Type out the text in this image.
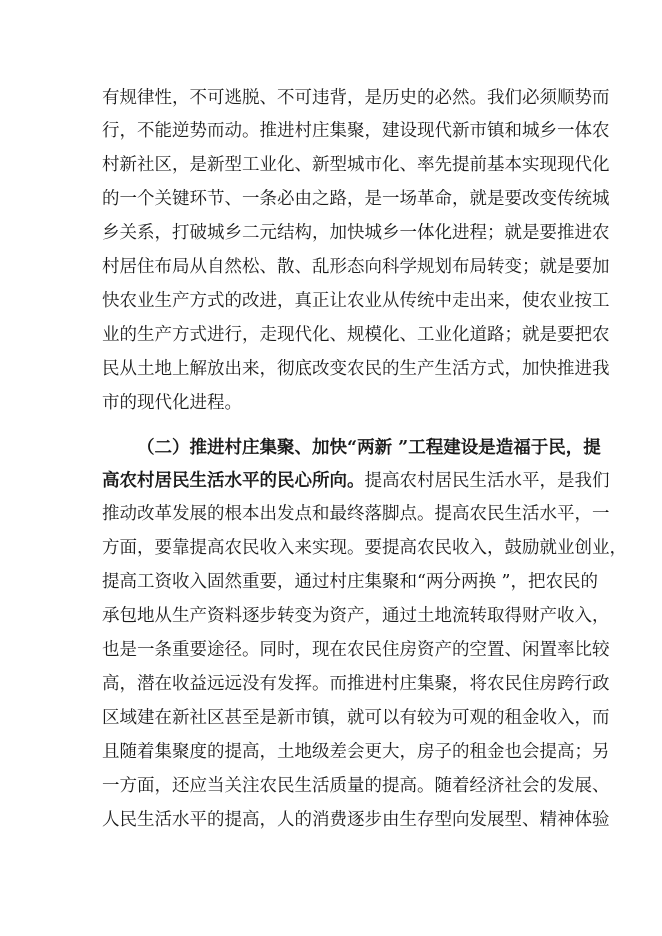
有规律性，不可逃脱、不可违背，是历史的必然。我们必须顺势而
行，不能逆势而动。推进村庄集聚，建设现代新市镇和城乡一体农
村新社区，是新型工业化、新型城市化、率先提前基本实现现代化
的一个关键环节、一条必由之路，是一场革命，就是要改变传统城
乡关系，打破城乡二元结构，加快城乡一体化进程；就是要推进农
村居住布局从自然松、散、乱形态向科学规划布局转变；就是要加
快农业生产方式的改进，真正让农业从传统中走出来，使农业按工
业的生产方式进行，走现代化、规模化、工业化道路；就是要把农
民从土地上解放出来，彻底改变农民的生产生活方式，加快推进我
市的现代化进程。
（二）推进村庄集聚、加快“两新 ”工程建设是造福于民，提
高农村居民生活水平的民心所向。提高农村居民生活水平，是我们
推动改革发展的根本出发点和最终落脚点。提高农民生活水平，一
方面，要靠提高农民收入来实现。要提高农民收入，鼓励就业创业，
提高工资收入固然重要，通过村庄集聚和“两分两换 ”，把农民的
承包地从生产资料逐步转变为资产，通过土地流转取得财产收入，
也是一条重要途径。同时，现在农民住房资产的空置、闲置率比较
高，潜在收益远远没有发挥。而推进村庄集聚，将农民住房跨行政
区域建在新社区甚至是新市镇，就可以有较为可观的租金收入，而
且随着集聚度的提高，土地级差会更大，房子的租金也会提高；另
一方面，还应当关注农民生活质量的提高。随着经济社会的发展、
人民生活水平的提高，人的消费逐步由生存型向发展型、精神体验
